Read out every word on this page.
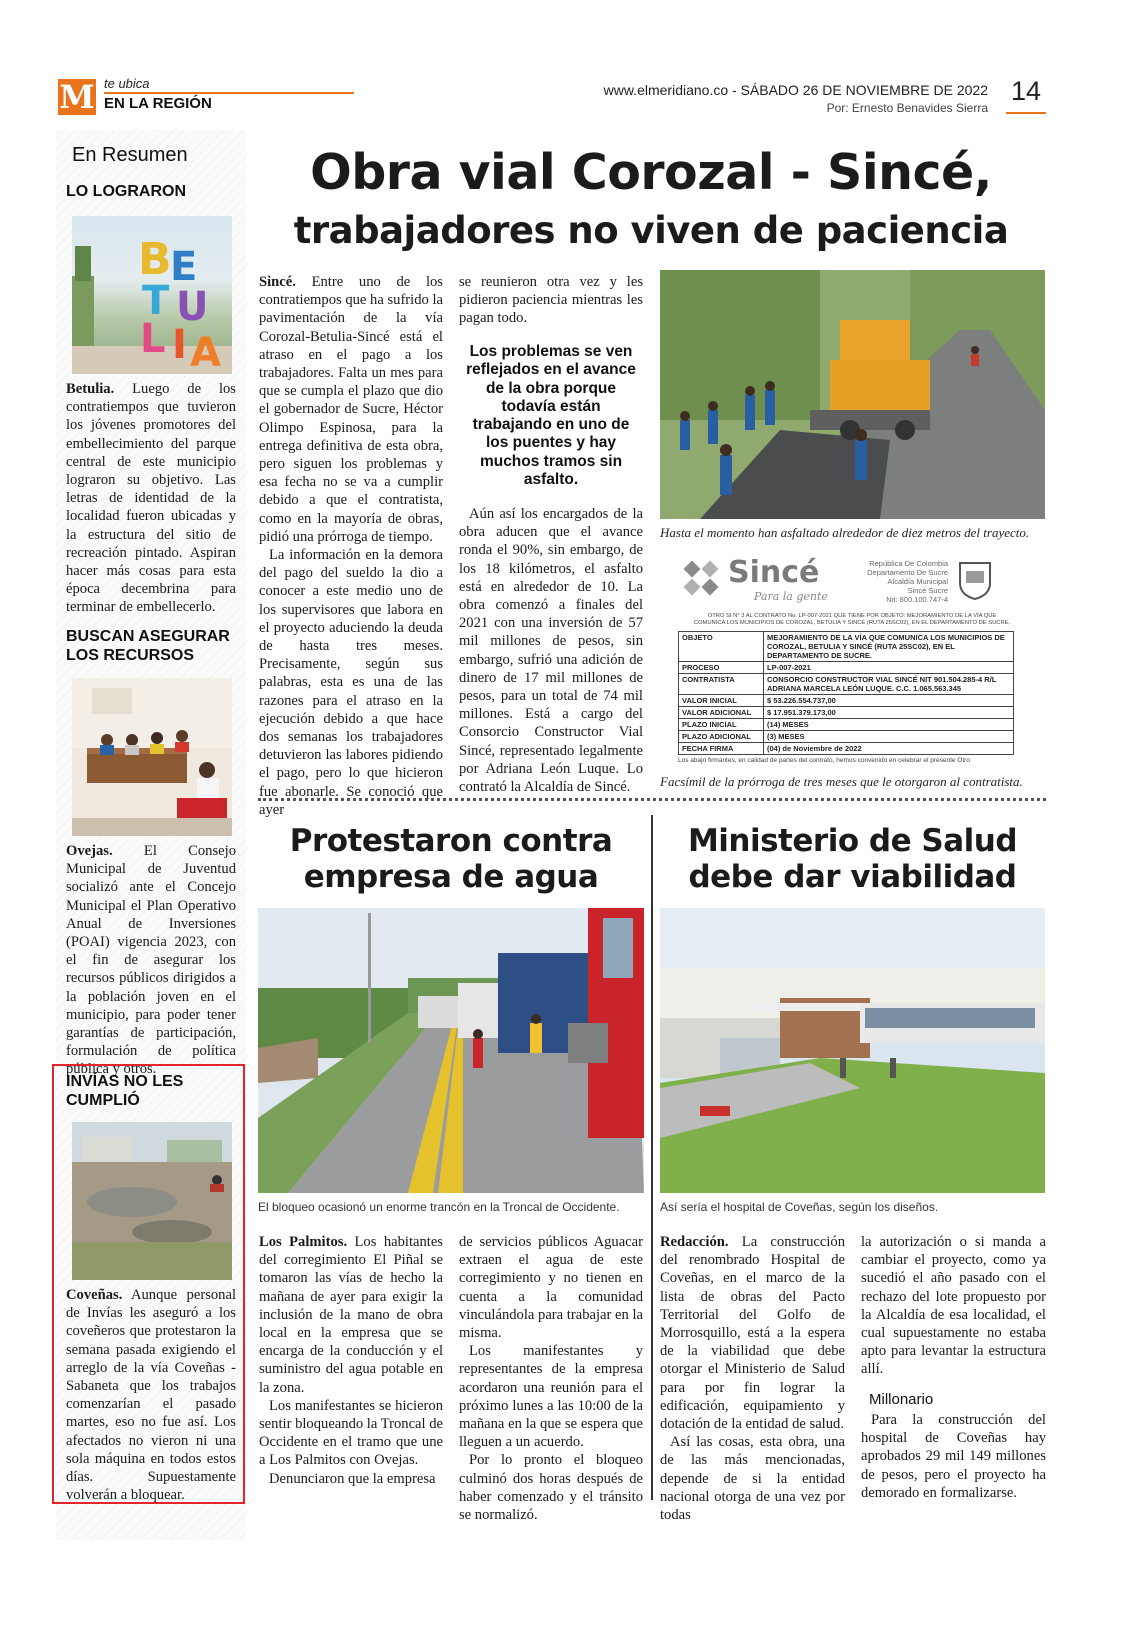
M te ubica
EN LA REGIÓN
www.elmeridiano.co - SÁBADO 26 DE NOVIEMBRE DE 2022
Por: Ernesto Benavides Sierra
14
En Resumen
LO LOGRARON
B
E
T U
L I A
Betulia. Luego de los contratiempos que tuvieron los jóvenes promotores del embellecimiento del parque central de este municipio lograron su objetivo. Las letras de identidad de la localidad fueron ubicadas y la estructura del sitio de recreación pintado. Aspiran hacer más cosas para esta época decembrina para terminar de embellecerlo.
BUSCAN ASEGURAR LOS RECURSOS
Ovejas. El Consejo Municipal de Juventud socializó ante el Concejo Municipal el Plan Operativo Anual de Inversiones (POAI) vigencia 2023, con el fin de asegurar los recursos públicos dirigidos a la población joven en el municipio, para poder tener garantías de participación, formulación de política pública y otros.
INVÍAS NO LES CUMPLIÓ
Coveñas. Aunque personal de Invías les aseguró a los coveñeros que protestaron la semana pasada exigiendo el arreglo de la vía Coveñas - Sabaneta que los trabajos comenzarían el pasado martes, eso no fue así. Los afectados no vieron ni una sola máquina en todos estos días. Supuestamente volverán a bloquear.
Obra vial Corozal - Sincé,
trabajadores no viven de paciencia
Sincé. Entre uno de los contratiempos que ha sufrido la pavimentación de la vía Corozal-Betulia-Sincé está el atraso en el pago a los trabajadores. Falta un mes para que se cumpla el plazo que dio el gobernador de Sucre, Héctor Olimpo Espinosa, para la entrega definitiva de esta obra, pero siguen los problemas y esa fecha no se va a cumplir debido a que el contratista, como en la mayoría de obras, pidió una prórroga de tiempo.
La información en la demora del pago del sueldo la dio a conocer a este medio uno de los supervisores que labora en el proyecto aduciendo la deuda de hasta tres meses. Precisamente, según sus palabras, esta es una de las razones para el atraso en la ejecución debido a que hace dos semanas los trabajadores detuvieron las labores pidiendo el pago, pero lo que hicieron fue abonarle. Se conoció que ayer
se reunieron otra vez y les pidieron paciencia mientras les pagan todo.
Los problemas se ven reflejados en el avance de la obra porque todavía están trabajando en uno de los puentes y hay muchos tramos sin asfalto.
Aún así los encargados de la obra aducen que el avance ronda el 90%, sin embargo, de los 18 kilómetros, el asfalto está en alrededor de 10. La obra comenzó a finales del 2021 con una inversión de 57 mil millones de pesos, sin embargo, sufrió una adición de dinero de 17 mil millones de pesos, para un total de 74 mil millones. Está a cargo del Consorcio Constructor Vial Sincé, representado legalmente por Adriana León Luque. Lo contrató la Alcaldía de Sincé.
Hasta el momento han asfaltado alrededor de diez metros del trayecto.
Sincé
Para la gente
República De Colombia
Departamento De Sucre
Alcaldía Municipal
Sincé Sucre
Nit: 800.100.747-4
OTRO SI N° 3 AL CONTRATO No. LP-007-2021 QUE TIENE POR OBJETO: MEJORAMIENTO DE LA VÍA QUE COMUNICA LOS MUNICIPIOS DE COROZAL, BETULIA Y SINCÉ (RUTA 25SC02), EN EL DEPARTAMENTO DE SUCRE.
OBJETO	MEJORAMIENTO DE LA VÍA QUE COMUNICA LOS MUNICIPIOS DE COROZAL, BETULIA Y SINCÉ (RUTA 25SC02), EN EL DEPARTAMENTO DE SUCRE.
PROCESO	LP-007-2021
CONTRATISTA	CONSORCIO CONSTRUCTOR VIAL SINCÉ NIT 901.504.285-4 R/L ADRIANA MARCELA LEÓN LUQUE. C.C. 1.065.563.345
VALOR INICIAL	$ 53.226.554.737,00
VALOR ADICIONAL	$ 17.951.379.173,00
PLAZO INICIAL	(14) MESES
PLAZO ADICIONAL	(3) MESES
FECHA FIRMA	(04) de Noviembre de 2022
Los abajo firmantes, en calidad de partes del contrato, hemos convenido en celebrar el presente Otro
Facsímil de la prórroga de tres meses que le otorgaron al contratista.
Protestaron contra
empresa de agua
El bloqueo ocasionó un enorme trancón en la Troncal de Occidente.
Los Palmitos. Los habitantes del corregimiento El Piñal se tomaron las vías de hecho la mañana de ayer para exigir la inclusión de la mano de obra local en la empresa que se encarga de la conducción y el suministro del agua potable en la zona.
Los manifestantes se hicieron sentir bloqueando la Troncal de Occidente en el tramo que une a Los Palmitos con Ovejas.
Denunciaron que la empresa
de servicios públicos Aguacar extraen el agua de este corregimiento y no tienen en cuenta a la comunidad vinculándola para trabajar en la misma.
Los manifestantes y representantes de la empresa acordaron una reunión para el próximo lunes a las 10:00 de la mañana en la que se espera que lleguen a un acuerdo.
Por lo pronto el bloqueo culminó dos horas después de haber comenzado y el tránsito se normalizó.
Ministerio de Salud
debe dar viabilidad
Así sería el hospital de Coveñas, según los diseños.
Redacción. La construcción del renombrado Hospital de Coveñas, en el marco de la lista de obras del Pacto Territorial del Golfo de Morrosquillo, está a la espera de la viabilidad que debe otorgar el Ministerio de Salud para por fin lograr la edificación, equipamiento y dotación de la entidad de salud.
Así las cosas, esta obra, una de las más mencionadas, depende de si la entidad nacional otorga de una vez por todas
la autorización o si manda a cambiar el proyecto, como ya sucedió el año pasado con el rechazo del lote propuesto por la Alcaldía de esa localidad, el cual supuestamente no estaba apto para levantar la estructura allí.
Millonario
Para la construcción del hospital de Coveñas hay aprobados 29 mil 149 millones de pesos, pero el proyecto ha demorado en formalizarse.
